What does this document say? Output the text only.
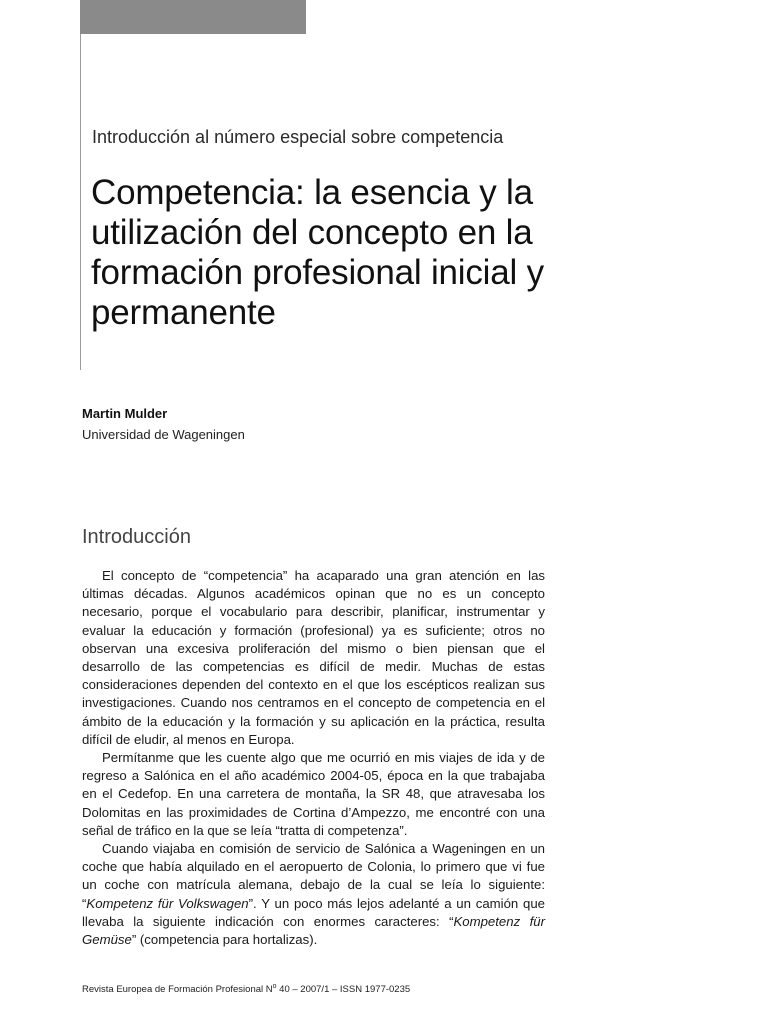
Introducción al número especial sobre competencia
Competencia: la esencia y la utilización del concepto en la formación profesional inicial y permanente
Martin Mulder
Universidad de Wageningen
Introducción

El concepto de “competencia” ha acaparado una gran atención en las últimas décadas. Algunos académicos opinan que no es un concepto necesario, porque el vocabulario para describir, planificar, instrumentar y evaluar la educación y formación (profesional) ya es suficiente; otros no observan una excesiva proliferación del mismo o bien piensan que el desarrollo de las competencias es difícil de medir. Muchas de estas consideraciones dependen del contexto en el que los escépticos realizan sus investigaciones. Cuando nos centramos en el concepto de competencia en el ámbito de la educación y la formación y su aplicación en la práctica, resulta difícil de eludir, al menos en Europa.

Permítanme que les cuente algo que me ocurrió en mis viajes de ida y de regreso a Salónica en el año académico 2004-05, época en la que trabajaba en el Cedefop. En una carretera de montaña, la SR 48, que atravesaba los Dolomitas en las proximidades de Cortina d’Ampezzo, me encontré con una señal de tráfico en la que se leía “tratta di competenza”.

Cuando viajaba en comisión de servicio de Salónica a Wageningen en un coche que había alquilado en el aeropuerto de Colonia, lo primero que vi fue un coche con matrícula alemana, debajo de la cual se leía lo siguiente: “Kompetenz für Volkswagen”. Y un poco más lejos adelanté a un camión que llevaba la siguiente indicación con enormes caracteres: “Kompetenz für Gemüse” (competencia para hortalizas).

Revista Europea de Formación Profesional $N^o$ 40 – 2007/1 – ISSN 1977-0235
